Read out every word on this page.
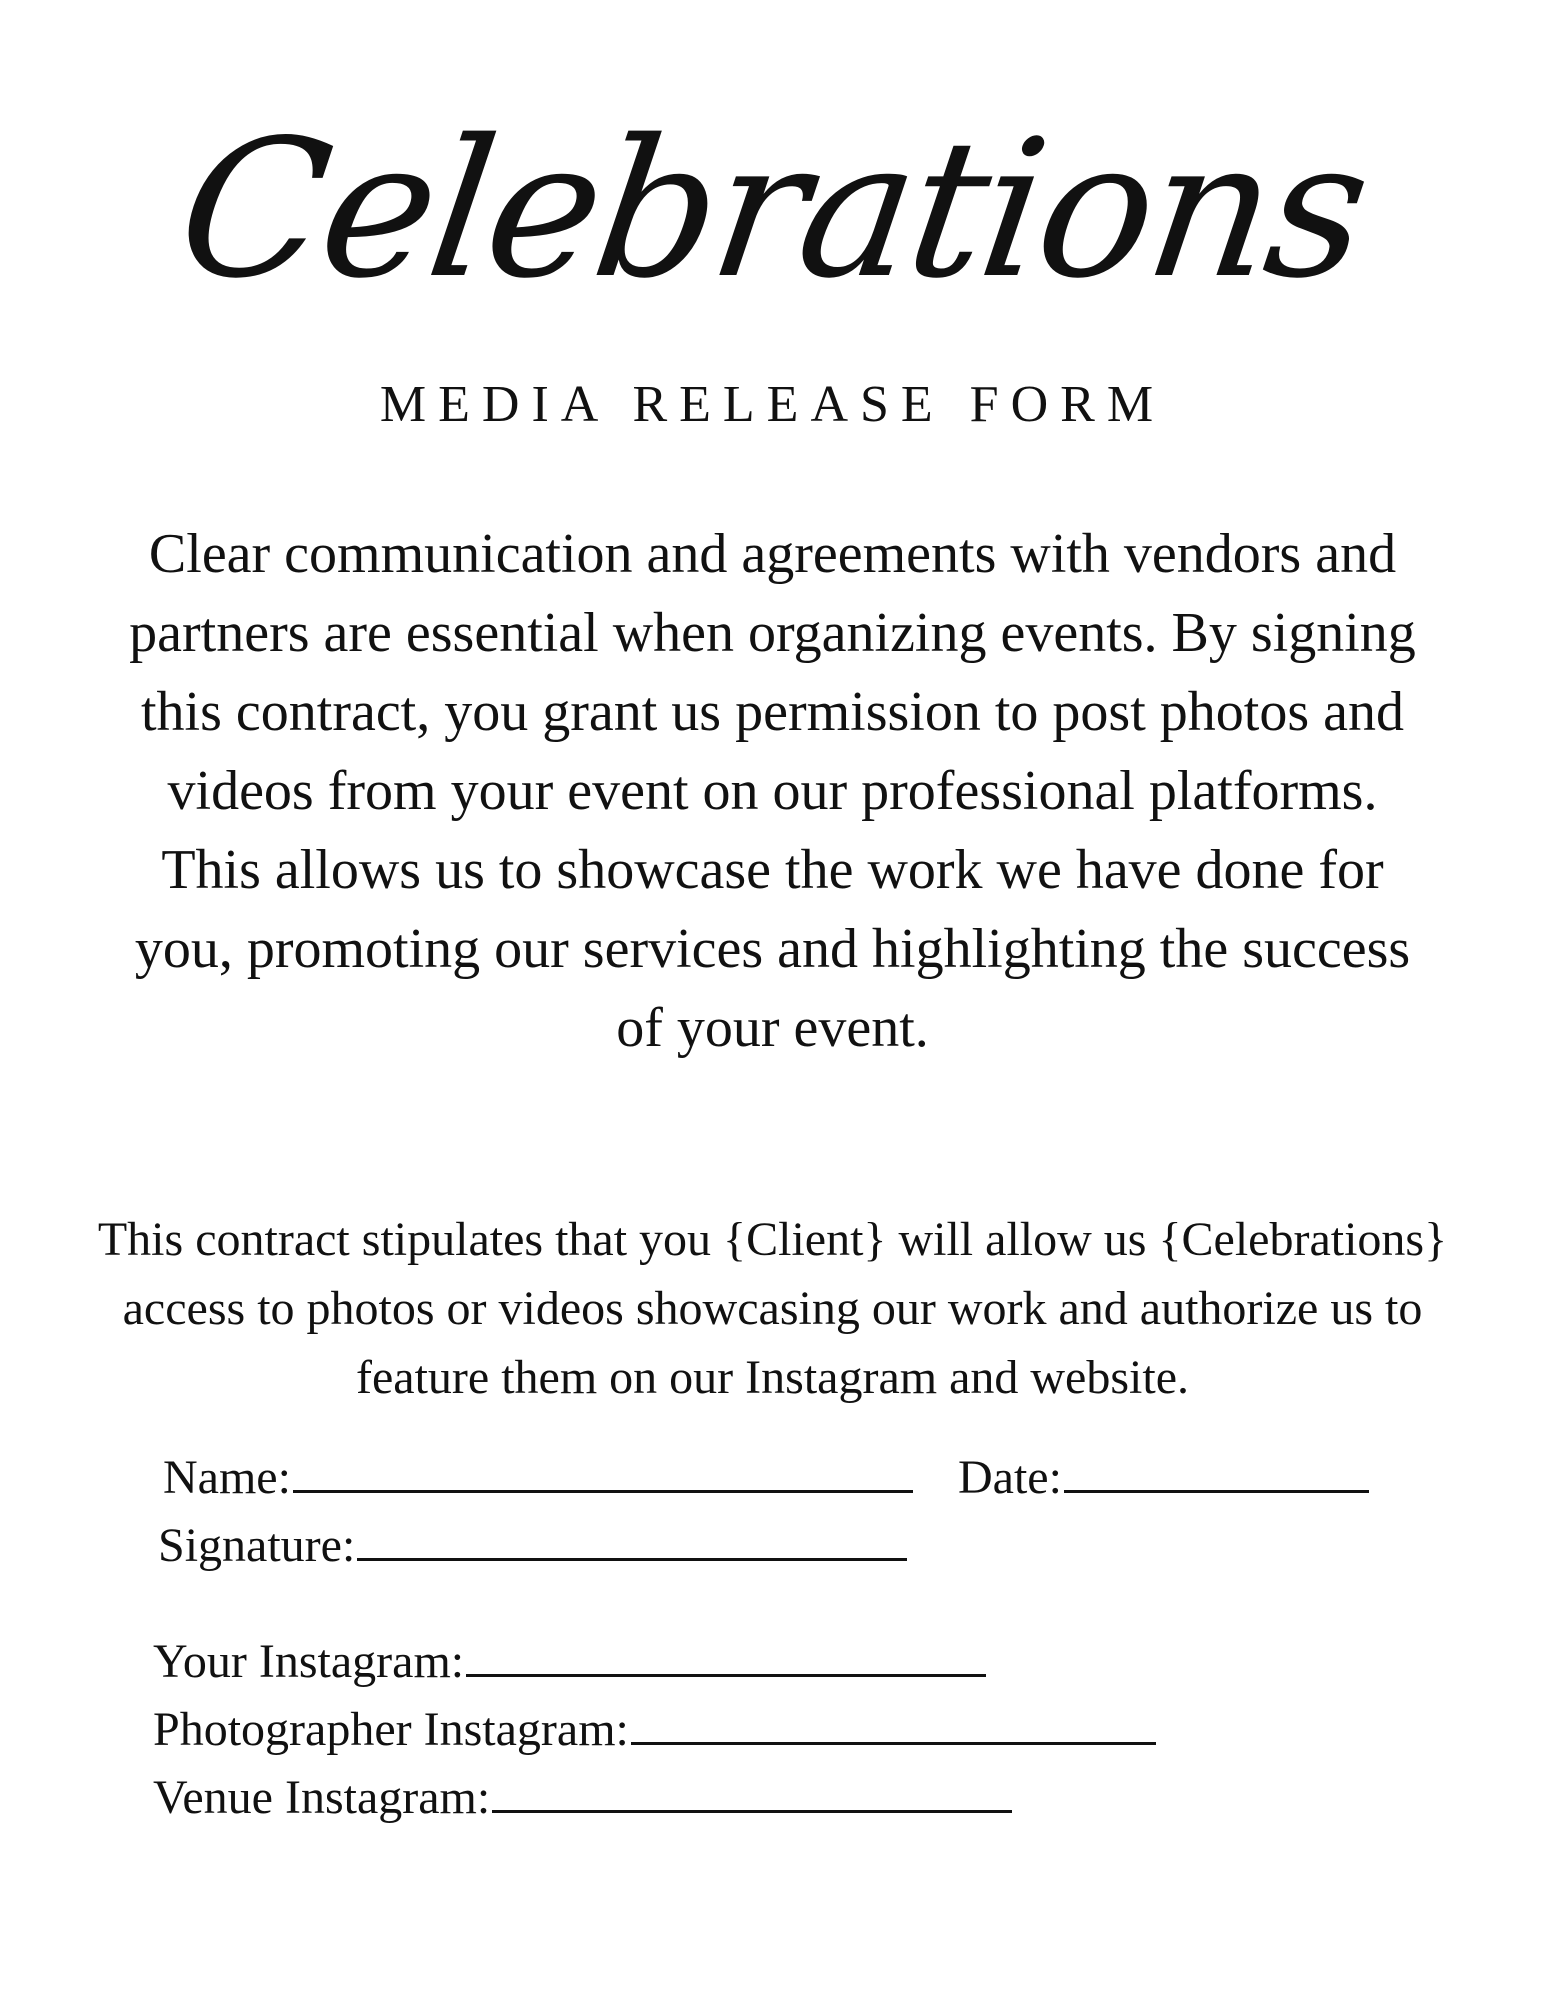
Celebrations
MEDIA RELEASE FORM
Clear communication and agreements with vendors and partners are essential when organizing events. By signing this contract, you grant us permission to post photos and videos from your event on our professional platforms. This allows us to showcase the work we have done for you, promoting our services and highlighting the success of your event.
This contract stipulates that you {Client} will allow us {Celebrations} access to photos or videos showcasing our work and authorize us to feature them on our Instagram and website.
Name:	Date:
Signature:
Your Instagram:
Photographer Instagram:
Venue Instagram:
